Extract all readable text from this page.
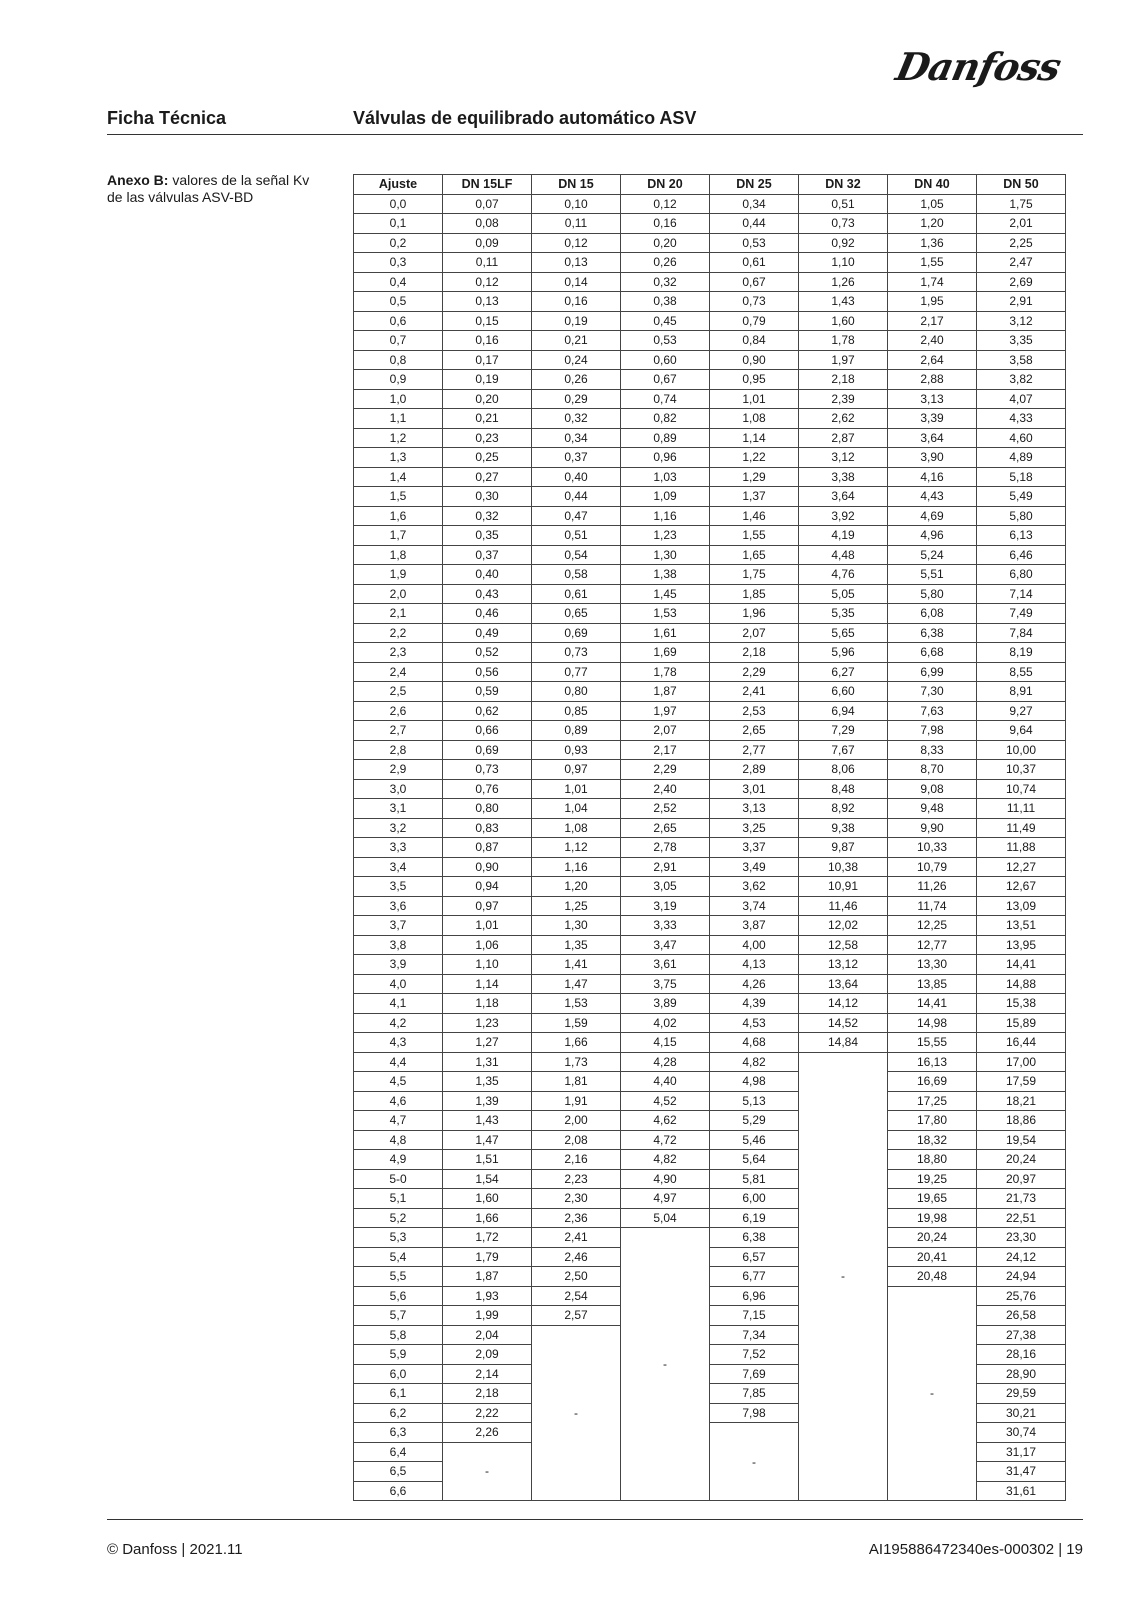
Danfoss
Ficha Técnica	Válvulas de equilibrado automático ASV
Anexo B: valores de la señal Kv de las válvulas ASV-BD
Ajuste	DN 15LF	DN 15	DN 20	DN 25	DN 32	DN 40	DN 50
0,0	0,07	0,10	0,12	0,34	0,51	1,05	1,75
0,1	0,08	0,11	0,16	0,44	0,73	1,20	2,01
0,2	0,09	0,12	0,20	0,53	0,92	1,36	2,25
0,3	0,11	0,13	0,26	0,61	1,10	1,55	2,47
0,4	0,12	0,14	0,32	0,67	1,26	1,74	2,69
0,5	0,13	0,16	0,38	0,73	1,43	1,95	2,91
0,6	0,15	0,19	0,45	0,79	1,60	2,17	3,12
0,7	0,16	0,21	0,53	0,84	1,78	2,40	3,35
0,8	0,17	0,24	0,60	0,90	1,97	2,64	3,58
0,9	0,19	0,26	0,67	0,95	2,18	2,88	3,82
1,0	0,20	0,29	0,74	1,01	2,39	3,13	4,07
1,1	0,21	0,32	0,82	1,08	2,62	3,39	4,33
1,2	0,23	0,34	0,89	1,14	2,87	3,64	4,60
1,3	0,25	0,37	0,96	1,22	3,12	3,90	4,89
1,4	0,27	0,40	1,03	1,29	3,38	4,16	5,18
1,5	0,30	0,44	1,09	1,37	3,64	4,43	5,49
1,6	0,32	0,47	1,16	1,46	3,92	4,69	5,80
1,7	0,35	0,51	1,23	1,55	4,19	4,96	6,13
1,8	0,37	0,54	1,30	1,65	4,48	5,24	6,46
1,9	0,40	0,58	1,38	1,75	4,76	5,51	6,80
2,0	0,43	0,61	1,45	1,85	5,05	5,80	7,14
2,1	0,46	0,65	1,53	1,96	5,35	6,08	7,49
2,2	0,49	0,69	1,61	2,07	5,65	6,38	7,84
2,3	0,52	0,73	1,69	2,18	5,96	6,68	8,19
2,4	0,56	0,77	1,78	2,29	6,27	6,99	8,55
2,5	0,59	0,80	1,87	2,41	6,60	7,30	8,91
2,6	0,62	0,85	1,97	2,53	6,94	7,63	9,27
2,7	0,66	0,89	2,07	2,65	7,29	7,98	9,64
2,8	0,69	0,93	2,17	2,77	7,67	8,33	10,00
2,9	0,73	0,97	2,29	2,89	8,06	8,70	10,37
3,0	0,76	1,01	2,40	3,01	8,48	9,08	10,74
3,1	0,80	1,04	2,52	3,13	8,92	9,48	11,11
3,2	0,83	1,08	2,65	3,25	9,38	9,90	11,49
3,3	0,87	1,12	2,78	3,37	9,87	10,33	11,88
3,4	0,90	1,16	2,91	3,49	10,38	10,79	12,27
3,5	0,94	1,20	3,05	3,62	10,91	11,26	12,67
3,6	0,97	1,25	3,19	3,74	11,46	11,74	13,09
3,7	1,01	1,30	3,33	3,87	12,02	12,25	13,51
3,8	1,06	1,35	3,47	4,00	12,58	12,77	13,95
3,9	1,10	1,41	3,61	4,13	13,12	13,30	14,41
4,0	1,14	1,47	3,75	4,26	13,64	13,85	14,88
4,1	1,18	1,53	3,89	4,39	14,12	14,41	15,38
4,2	1,23	1,59	4,02	4,53	14,52	14,98	15,89
4,3	1,27	1,66	4,15	4,68	14,84	15,55	16,44
4,4	1,31	1,73	4,28	4,82	-	16,13	17,00
4,5	1,35	1,81	4,40	4,98		16,69	17,59
4,6	1,39	1,91	4,52	5,13		17,25	18,21
4,7	1,43	2,00	4,62	5,29		17,80	18,86
4,8	1,47	2,08	4,72	5,46		18,32	19,54
4,9	1,51	2,16	4,82	5,64		18,80	20,24
5-0	1,54	2,23	4,90	5,81		19,25	20,97
5,1	1,60	2,30	4,97	6,00		19,65	21,73
5,2	1,66	2,36	5,04	6,19		19,98	22,51
5,3	1,72	2,41	-	6,38		20,24	23,30
5,4	1,79	2,46		6,57		20,41	24,12
5,5	1,87	2,50		6,77		20,48	24,94
5,6	1,93	2,54		6,96		-	25,76
5,7	1,99	2,57		7,15			26,58
5,8	2,04	-		7,34			27,38
5,9	2,09			7,52			28,16
6,0	2,14			7,69			28,90
6,1	2,18			7,85			29,59
6,2	2,22			7,98			30,21
6,3	2,26			-			30,74
6,4	-						31,17
6,5							31,47
6,6							31,61
© Danfoss | 2021.11	AI195886472340es-000302 | 19
